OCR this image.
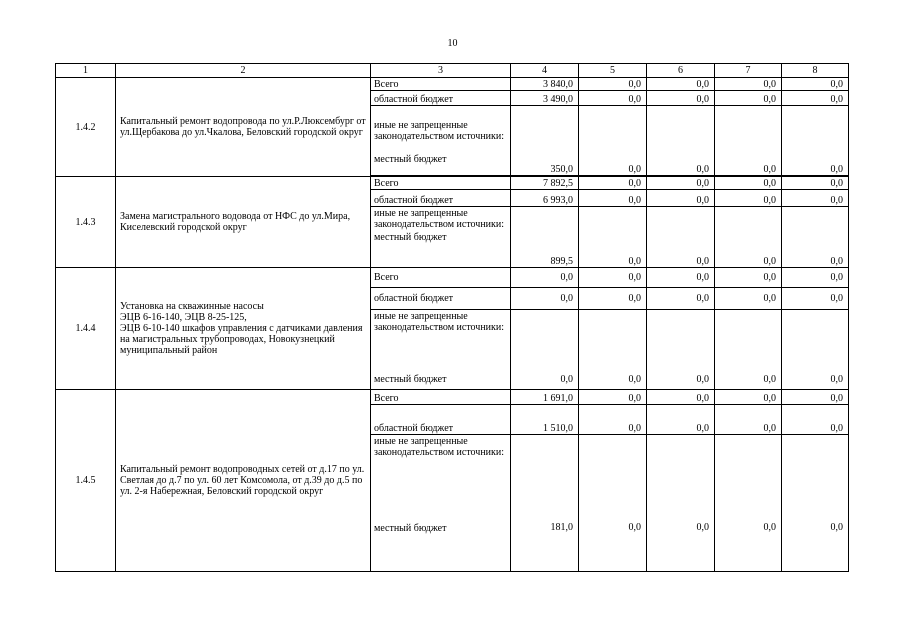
10
1	2	3	4	5	6	7	8
1.4.2	Капитальный ремонт водопровода по ул.Р.Люксембург от ул.Щербакова до ул.Чкалова, Беловский городской округ	Всего	3 840,0	0,0	0,0	0,0	0,0
		областной бюджет	3 490,0	0,0	0,0	0,0	0,0

		иные не запрещенные законодательством источники:
местный бюджет	350,0	0,0	0,0	0,0	0,0

1.4.3	Замена магистрального водовода от НФС до ул.Мира, Киселевский городской округ	Всего	7 892,5	0,0	0,0	0,0	0,0
		областной бюджет	6 993,0	0,0	0,0	0,0	0,0

		иные не запрещенные законодательством источники:
местный бюджет	899,5	0,0	0,0	0,0	0,0
1.4.4	Установка на скважинные насосы
ЭЦВ 6-16-140, ЭЦВ 8-25-125,
ЭЦВ 6-10-140 шкафов управления с датчиками давления на магистральных трубопроводах, Новокузнецкий муниципальный район	Всего	0,0	0,0	0,0	0,0	0,0
		областной бюджет	0,0	0,0	0,0	0,0	0,0

		иные не запрещенные законодательством источники:
местный бюджет	0,0	0,0	0,0	0,0	0,0
1.4.5	Капитальный ремонт водопроводных сетей от д.17 по ул. Светлая до д.7 по ул. 60 лет Комсомола, от д.39 до д.5 по
ул. 2-я Набережная, Беловский городской округ	Всего	1 691,0	0,0	0,0	0,0	0,0
		областной бюджет	1 510,0	0,0	0,0	0,0	0,0

		иные не запрещенные законодательством источники:
местный бюджет	181,0	0,0	0,0	0,0	0,0
